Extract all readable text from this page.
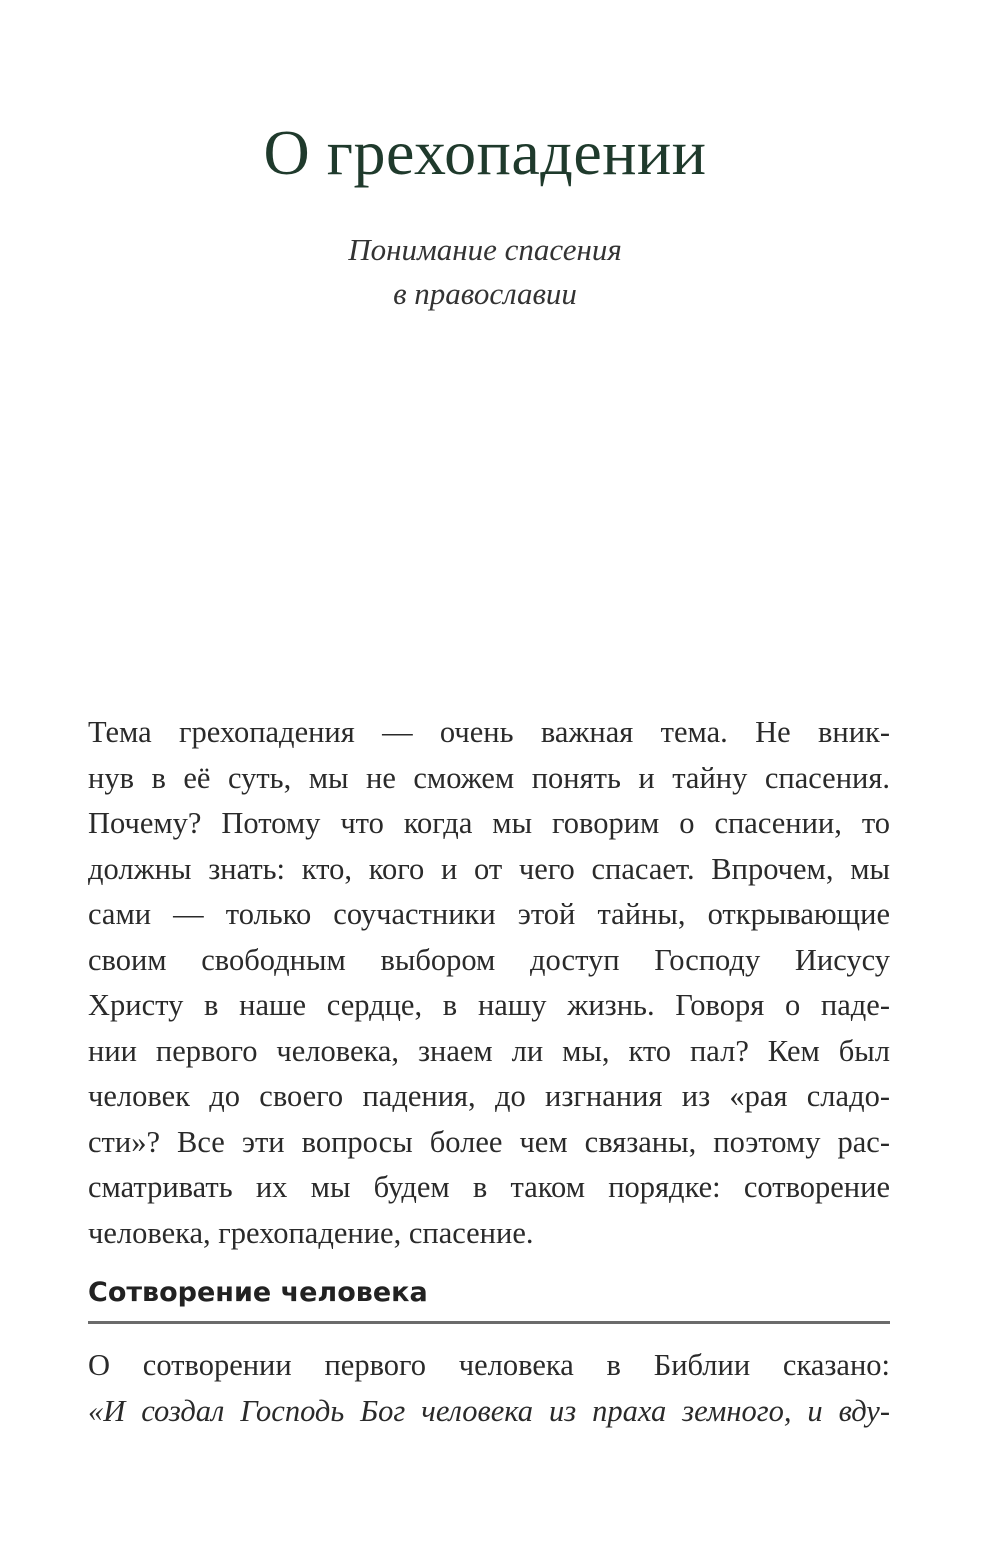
О грехопадении
Понимание спасения
в православии
Тема грехопадения — очень важная тема. Не вник-
нув в её суть, мы не сможем понять и тайну спасения.
Почему? Потому что когда мы говорим о спасении, то
должны знать: кто, кого и от чего спасает. Впрочем, мы
сами — только соучастники этой тайны, открывающие
своим свободным выбором доступ Господу Иисусу
Христу в наше сердце, в нашу жизнь. Говоря о паде-
нии первого человека, знаем ли мы, кто пал? Кем был
человек до своего падения, до изгнания из «рая сладо-
сти»? Все эти вопросы более чем связаны, поэтому рас-
сматривать их мы будем в таком порядке: сотворение
человека, грехопадение, спасение.
Сотворение человека
О сотворении первого человека в Библии сказано:
«И создал Господь Бог человека из праха земного, и вду-
